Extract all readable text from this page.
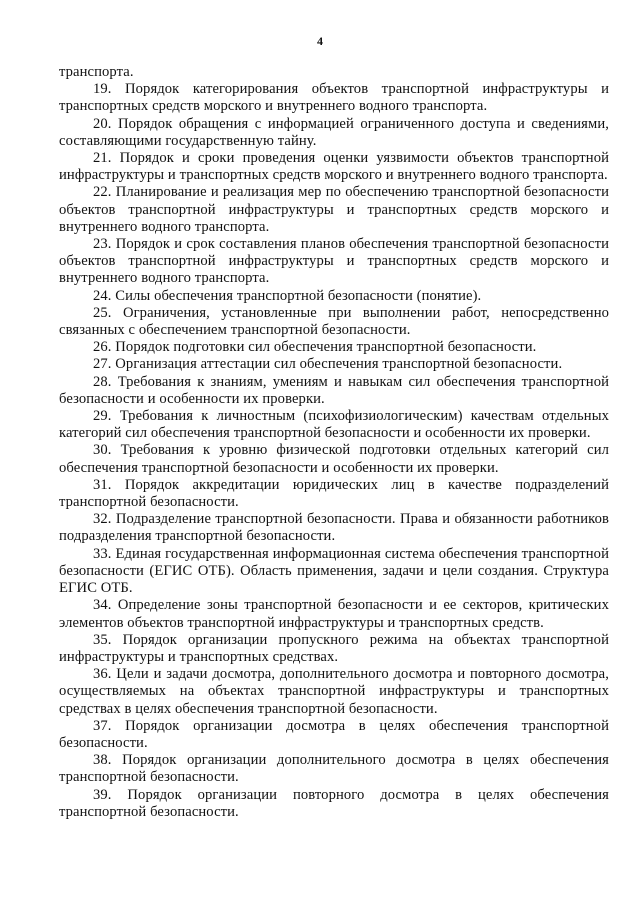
4

транспорта.

19. Порядок категорирования объектов транспортной инфраструктуры и транспортных средств морского и внутреннего водного транспорта.

20. Порядок обращения с информацией ограниченного доступа и сведениями, составляющими государственную тайну.

21. Порядок и сроки проведения оценки уязвимости объектов транспортной инфраструктуры и транспортных средств морского и внутреннего водного транспорта.

22. Планирование и реализация мер по обеспечению транспортной безопасности объектов транспортной инфраструктуры и транспортных средств морского и внутреннего водного транспорта.

23. Порядок и срок составления планов обеспечения транспортной безопасности объектов транспортной инфраструктуры и транспортных средств морского и внутреннего водного транспорта.

24. Силы обеспечения транспортной безопасности (понятие).

25. Ограничения, установленные при выполнении работ, непосредственно связанных с обеспечением транспортной безопасности.

26. Порядок подготовки сил обеспечения транспортной безопасности.

27. Организация аттестации сил обеспечения транспортной безопасности.

28. Требования к знаниям, умениям и навыкам сил обеспечения транспортной безопасности и особенности их проверки.

29. Требования к личностным (психофизиологическим) качествам отдельных категорий сил обеспечения транспортной безопасности и особенности их проверки.

30. Требования к уровню физической подготовки отдельных категорий сил обеспечения транспортной безопасности и особенности их проверки.

31. Порядок аккредитации юридических лиц в качестве подразделений транспортной безопасности.

32. Подразделение транспортной безопасности. Права и обязанности работников подразделения транспортной безопасности.

33. Единая государственная информационная система обеспечения транспортной безопасности (ЕГИС ОТБ). Область применения, задачи и цели создания. Структура ЕГИС ОТБ.

34. Определение зоны транспортной безопасности и ее секторов, критических элементов объектов транспортной инфраструктуры и транспортных средств.

35. Порядок организации пропускного режима на объектах транспортной инфраструктуры и транспортных средствах.

36. Цели и задачи досмотра, дополнительного досмотра и повторного досмотра, осуществляемых на объектах транспортной инфраструктуры и транспортных средствах в целях обеспечения транспортной безопасности.

37. Порядок организации досмотра в целях обеспечения транспортной безопасности.

38. Порядок организации дополнительного досмотра в целях обеспечения транспортной безопасности.

39. Порядок организации повторного досмотра в целях обеспечения транспортной безопасности.
